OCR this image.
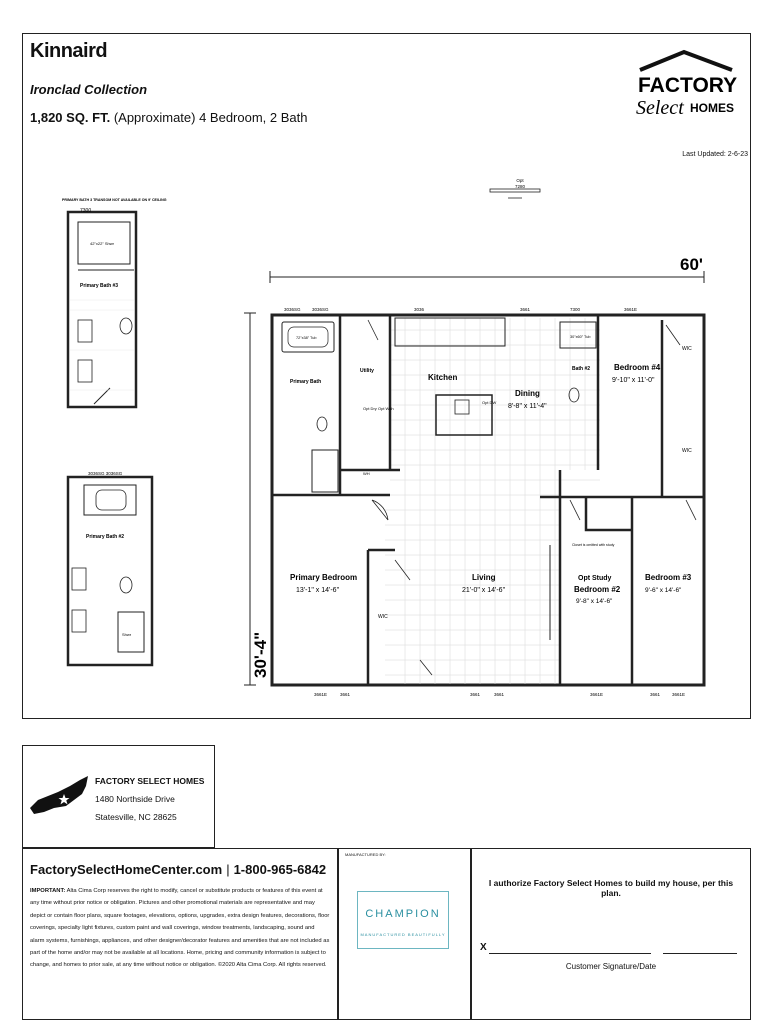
Kinnaird
Ironclad Collection
1,820 SQ. FT. (Approximate) 4 Bedroom, 2 Bath
FACTORY
Select HOMES
Last Updated: 2-6-23
Opt
7280
PRIMARY BATH 3 TRANSOM NOT AVAILABLE ON 9' CEILING
7300
42"x22" Shwr
Primary Bath #3
3036SG 3036SG
Primary Bath #2
Shwr
60'
30'-4"
3036SG	3036SG	3036	3661	7300	3661E
72"x38" Tub
Primary Bath
Utility
Opt Dry Opt Wsh
Kitchen
Dining
8'-8" x 11'-4"
Opt DW
Bath #2
30"x60" Tub
Bedroom #4
9'-10" x 11'-0"
WIC
WIC
Primary Bedroom
13'-1" x 14'-6"
WIC
Living
21'-0" x 14'-6"
Closet is omitted with study
Opt Study
Bedroom #2
9'-8" x 14'-6"
Bedroom #3
9'-6" x 14'-6"
WH
3661E	3661	3661	3661	3661E	3661	3661E
FACTORY SELECT HOMES
1480 Northside Drive
Statesville, NC 28625
FactorySelectHomeCenter.com | 1-800-965-6842
IMPORTANT: Alta Cima Corp reserves the right to modify, cancel or substitute products or features of this event at any time without prior notice or obligation. Pictures and other promotional materials are representative and may depict or contain floor plans, square footages, elevations, options, upgrades, extra design features, decorations, floor coverings, specialty light fixtures, custom paint and wall coverings, window treatments, landscaping, sound and alarm systems, furnishings, appliances, and other designer/decorator features and amenities that are not included as part of the home and/or may not be available at all locations. Home, pricing and community information is subject to change, and homes to prior sale, at any time without notice or obligation. ©2020 Alta Cima Corp. All rights reserved.
MANUFACTURED BY:
CHAMPION
MANUFACTURED BEAUTIFULLY
I authorize Factory Select Homes to build my house, per this plan.
X
Customer Signature/Date
